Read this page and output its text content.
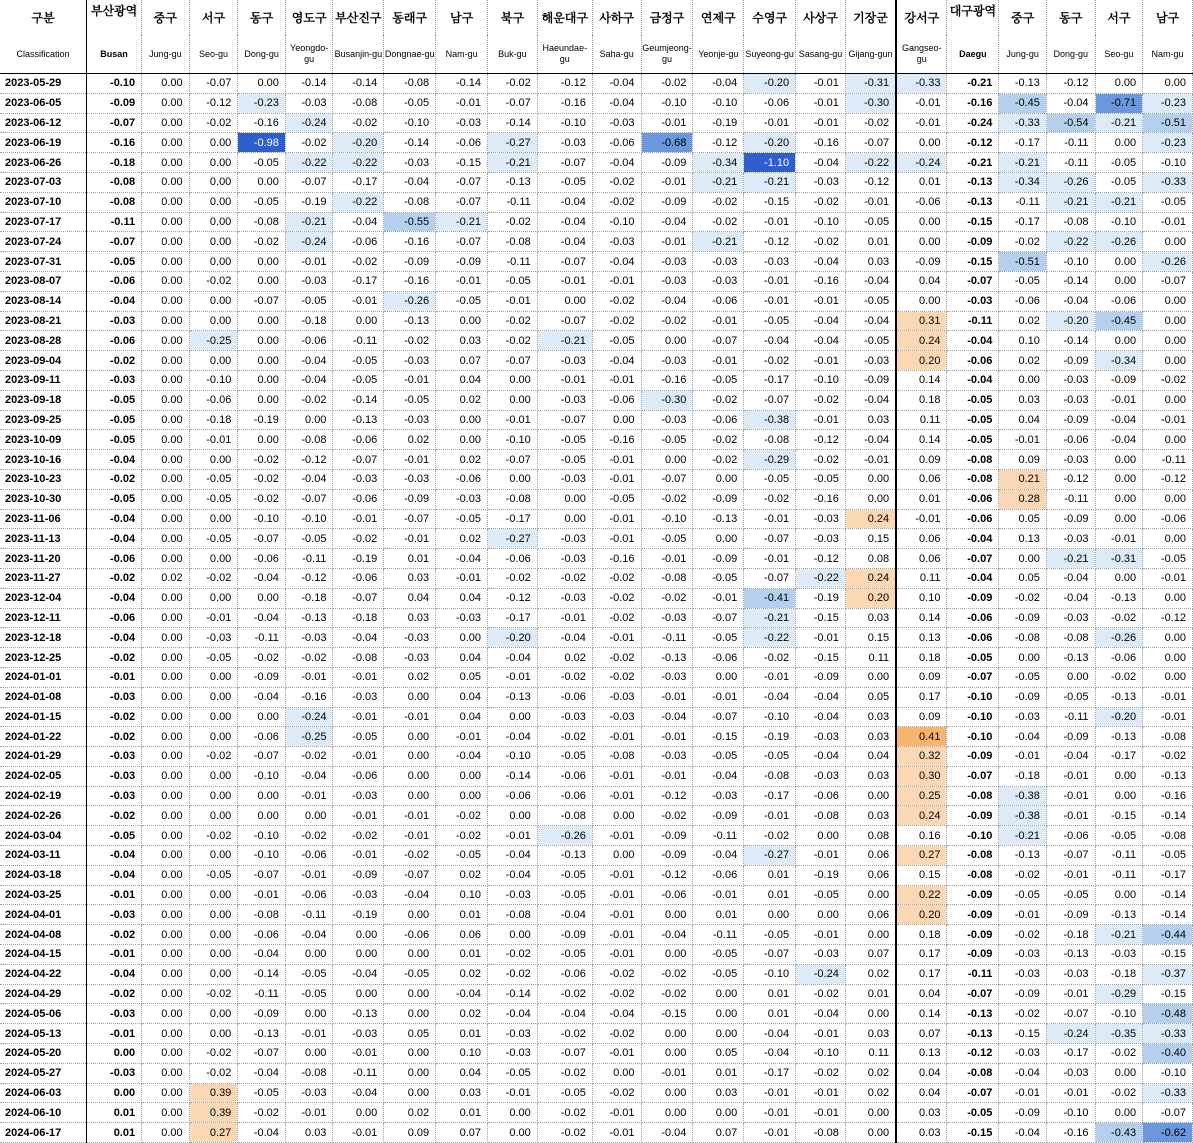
구분	부산광역	중구	서구	동구	영도구	부산진구	동래구	남구	북구	해운대구	사하구	금정구	연제구	수영구	사상구	기장군	강서구	대구광역	중구	동구	서구	남구
Classification	Busan	Jung-gu	Seo-gu	Dong-gu	Yeongdo-gu	Busanjin-gu	Dongnae-gu	Nam-gu	Buk-gu	Haeundae-gu	Saha-gu	Geumjeong-gu	Yeonje-gu	Suyeong-gu	Sasang-gu	Gijang-gun	Gangseo-gu	Daegu	Jung-gu	Dong-gu	Seo-gu	Nam-gu
2023-05-29	-0.10	0.00	-0.07	0.00	-0.14	-0.14	-0.08	-0.14	-0.02	-0.12	-0.04	-0.02	-0.04	-0.20	-0.01	-0.31	-0.33	-0.21	-0.13	-0.12	0.00	0.00
2023-06-05	-0.09	0.00	-0.12	-0.23	-0.03	-0.08	-0.05	-0.01	-0.07	-0.16	-0.04	-0.10	-0.10	-0.06	-0.01	-0.30	-0.01	-0.16	-0.45	-0.04	-0.71	-0.23
2023-06-12	-0.07	0.00	-0.02	-0.16	-0.24	-0.02	-0.10	-0.03	-0.14	-0.10	-0.03	-0.01	-0.19	-0.01	-0.01	-0.02	-0.01	-0.24	-0.33	-0.54	-0.21	-0.51
2023-06-19	-0.16	0.00	0.00	-0.98	-0.02	-0.20	-0.14	-0.06	-0.27	-0.03	-0.06	-0.68	-0.12	-0.20	-0.16	-0.07	0.00	-0.12	-0.17	-0.11	0.00	-0.23
2023-06-26	-0.18	0.00	0.00	-0.05	-0.22	-0.22	-0.03	-0.15	-0.21	-0.07	-0.04	-0.09	-0.34	-1.10	-0.04	-0.22	-0.24	-0.21	-0.21	-0.11	-0.05	-0.10
2023-07-03	-0.08	0.00	0.00	0.00	-0.07	-0.17	-0.04	-0.07	-0.13	-0.05	-0.02	-0.01	-0.21	-0.21	-0.03	-0.12	0.01	-0.13	-0.34	-0.26	-0.05	-0.33
2023-07-10	-0.08	0.00	0.00	-0.05	-0.19	-0.22	-0.08	-0.07	-0.11	-0.04	-0.02	-0.09	-0.02	-0.15	-0.02	-0.01	-0.06	-0.13	-0.11	-0.21	-0.21	-0.05
2023-07-17	-0.11	0.00	0.00	-0.08	-0.21	-0.04	-0.55	-0.21	-0.02	-0.04	-0.10	-0.04	-0.02	-0.01	-0.10	-0.05	0.00	-0.15	-0.17	-0.08	-0.10	-0.01
2023-07-24	-0.07	0.00	0.00	-0.02	-0.24	-0.06	-0.16	-0.07	-0.08	-0.04	-0.03	-0.01	-0.21	-0.12	-0.02	0.01	0.00	-0.09	-0.02	-0.22	-0.26	0.00
2023-07-31	-0.05	0.00	0.00	0.00	-0.01	-0.02	-0.09	-0.09	-0.11	-0.07	-0.04	-0.03	-0.03	-0.03	-0.04	0.03	-0.09	-0.15	-0.51	-0.10	0.00	-0.26
2023-08-07	-0.06	0.00	-0.02	0.00	-0.03	-0.17	-0.16	-0.01	-0.05	-0.01	-0.01	-0.03	-0.03	-0.01	-0.16	-0.04	0.04	-0.07	-0.05	-0.14	0.00	-0.07
2023-08-14	-0.04	0.00	0.00	-0.07	-0.05	-0.01	-0.26	-0.05	-0.01	0.00	-0.02	-0.04	-0.06	-0.01	-0.01	-0.05	0.00	-0.03	-0.06	-0.04	-0.06	0.00
2023-08-21	-0.03	0.00	0.00	0.00	-0.18	0.00	-0.13	0.00	-0.02	-0.07	-0.02	-0.02	-0.01	-0.05	-0.04	-0.04	0.31	-0.11	0.02	-0.20	-0.45	0.00
2023-08-28	-0.06	0.00	-0.25	0.00	-0.06	-0.11	-0.02	0.03	-0.02	-0.21	-0.05	0.00	-0.07	-0.04	-0.04	-0.05	0.24	-0.04	0.10	-0.14	0.00	0.00
2023-09-04	-0.02	0.00	0.00	0.00	-0.04	-0.05	-0.03	0.07	-0.07	-0.03	-0.04	-0.03	-0.01	-0.02	-0.01	-0.03	0.20	-0.06	0.02	-0.09	-0.34	0.00
2023-09-11	-0.03	0.00	-0.10	0.00	-0.04	-0.05	-0.01	0.04	0.00	-0.01	-0.01	-0.16	-0.05	-0.17	-0.10	-0.09	0.14	-0.04	0.00	-0.03	-0.09	-0.02
2023-09-18	-0.05	0.00	-0.06	0.00	-0.02	-0.14	-0.05	0.02	0.00	-0.03	-0.06	-0.30	-0.02	-0.07	-0.02	-0.04	0.18	-0.05	0.03	-0.03	-0.01	0.00
2023-09-25	-0.05	0.00	-0.18	-0.19	0.00	-0.13	-0.03	0.00	-0.01	-0.07	0.00	-0.03	-0.06	-0.38	-0.01	0.03	0.11	-0.05	0.04	-0.09	-0.04	-0.01
2023-10-09	-0.05	0.00	-0.01	0.00	-0.08	-0.06	0.02	0.00	-0.10	-0.05	-0.16	-0.05	-0.02	-0.08	-0.12	-0.04	0.14	-0.05	-0.01	-0.06	-0.04	0.00
2023-10-16	-0.04	0.00	0.00	-0.02	-0.12	-0.07	-0.01	0.02	-0.07	-0.05	-0.01	0.00	-0.02	-0.29	-0.02	-0.01	0.09	-0.08	0.09	-0.03	0.00	-0.11
2023-10-23	-0.02	0.00	-0.05	-0.02	-0.04	-0.03	-0.03	-0.06	0.00	-0.03	-0.01	-0.07	0.00	-0.05	-0.05	0.00	0.06	-0.08	0.21	-0.12	0.00	-0.12
2023-10-30	-0.05	0.00	-0.05	-0.02	-0.07	-0.06	-0.09	-0.03	-0.08	0.00	-0.05	-0.02	-0.09	-0.02	-0.16	0.00	0.01	-0.06	0.28	-0.11	0.00	0.00
2023-11-06	-0.04	0.00	0.00	-0.10	-0.10	-0.01	-0.07	-0.05	-0.17	0.00	-0.01	-0.10	-0.13	-0.01	-0.03	0.24	-0.01	-0.06	0.05	-0.09	0.00	-0.06
2023-11-13	-0.04	0.00	-0.05	-0.07	-0.05	-0.02	-0.01	0.02	-0.27	-0.03	-0.01	-0.05	0.00	-0.07	-0.03	0.15	0.06	-0.04	0.13	-0.03	-0.01	0.00
2023-11-20	-0.06	0.00	0.00	-0.06	-0.11	-0.19	0.01	-0.04	-0.06	-0.03	-0.16	-0.01	-0.09	-0.01	-0.12	0.08	0.06	-0.07	0.00	-0.21	-0.31	-0.05
2023-11-27	-0.02	0.02	-0.02	-0.04	-0.12	-0.06	0.03	-0.01	-0.02	-0.02	-0.02	-0.08	-0.05	-0.07	-0.22	0.24	0.11	-0.04	0.05	-0.04	0.00	-0.01
2023-12-04	-0.04	0.00	0.00	0.00	-0.18	-0.07	0.04	0.04	-0.12	-0.03	-0.02	-0.02	-0.01	-0.41	-0.19	0.20	0.10	-0.09	-0.02	-0.04	-0.13	0.00
2023-12-11	-0.06	0.00	-0.01	-0.04	-0.13	-0.18	0.03	-0.03	-0.17	-0.01	-0.02	-0.03	-0.07	-0.21	-0.15	0.03	0.14	-0.06	-0.09	-0.03	-0.02	-0.12
2023-12-18	-0.04	0.00	-0.03	-0.11	-0.03	-0.04	-0.03	0.00	-0.20	-0.04	-0.01	-0.11	-0.05	-0.22	-0.01	0.15	0.13	-0.06	-0.08	-0.08	-0.26	0.00
2023-12-25	-0.02	0.00	-0.05	-0.02	-0.02	-0.08	-0.03	0.04	-0.04	0.02	-0.02	-0.13	-0.06	-0.02	-0.15	0.11	0.18	-0.05	0.00	-0.13	-0.06	0.00
2024-01-01	-0.01	0.00	0.00	-0.09	-0.01	-0.01	0.02	0.05	-0.01	-0.02	-0.02	-0.03	0.00	-0.01	-0.09	0.00	0.09	-0.07	-0.05	0.00	-0.02	0.00
2024-01-08	-0.03	0.00	0.00	-0.04	-0.16	-0.03	0.00	0.04	-0.13	-0.06	-0.03	-0.01	-0.01	-0.04	-0.04	0.05	0.17	-0.10	-0.09	-0.05	-0.13	-0.01
2024-01-15	-0.02	0.00	0.00	0.00	-0.24	-0.01	-0.01	0.04	0.00	-0.03	-0.03	-0.04	-0.07	-0.10	-0.04	0.03	0.09	-0.10	-0.03	-0.11	-0.20	-0.01
2024-01-22	-0.02	0.00	0.00	-0.06	-0.25	-0.05	0.00	-0.01	-0.04	-0.02	-0.01	-0.01	-0.15	-0.19	-0.03	0.03	0.41	-0.10	-0.04	-0.09	-0.13	-0.08
2024-01-29	-0.03	0.00	-0.02	-0.07	-0.02	-0.01	0.00	-0.04	-0.10	-0.05	-0.08	-0.03	-0.05	-0.05	-0.04	0.04	0.32	-0.09	-0.01	-0.04	-0.17	-0.02
2024-02-05	-0.03	0.00	0.00	-0.10	-0.04	-0.06	0.00	0.00	-0.14	-0.06	-0.01	-0.01	-0.04	-0.08	-0.03	0.03	0.30	-0.07	-0.18	-0.01	0.00	-0.13
2024-02-19	-0.03	0.00	0.00	0.00	-0.01	-0.03	0.00	0.00	-0.06	-0.06	-0.01	-0.12	-0.03	-0.17	-0.06	0.00	0.25	-0.08	-0.38	-0.01	0.00	-0.16
2024-02-26	-0.02	0.00	0.00	0.00	0.00	-0.01	-0.01	-0.02	0.00	-0.08	0.00	-0.02	-0.09	-0.01	-0.08	0.03	0.24	-0.09	-0.38	-0.01	-0.15	-0.14
2024-03-04	-0.05	0.00	-0.02	-0.10	-0.02	-0.02	-0.01	-0.02	-0.01	-0.26	-0.01	-0.09	-0.11	-0.02	0.00	0.08	0.16	-0.10	-0.21	-0.06	-0.05	-0.08
2024-03-11	-0.04	0.00	0.00	-0.10	-0.06	-0.01	-0.02	-0.05	-0.04	-0.13	0.00	-0.09	-0.04	-0.27	-0.01	0.06	0.27	-0.08	-0.13	-0.07	-0.11	-0.05
2024-03-18	-0.04	0.00	-0.05	-0.07	-0.01	-0.09	-0.07	0.02	-0.04	-0.05	-0.01	-0.12	-0.06	0.01	-0.19	0.06	0.15	-0.08	-0.02	-0.01	-0.11	-0.17
2024-03-25	-0.01	0.00	0.00	-0.01	-0.06	-0.03	-0.04	0.10	-0.03	-0.05	-0.01	-0.06	-0.01	0.01	-0.05	0.00	0.22	-0.09	-0.05	-0.05	0.00	-0.14
2024-04-01	-0.03	0.00	0.00	-0.08	-0.11	-0.19	0.00	0.01	-0.08	-0.04	-0.01	0.00	0.01	0.00	0.00	0.06	0.20	-0.09	-0.01	-0.09	-0.13	-0.14
2024-04-08	-0.02	0.00	0.00	-0.06	-0.04	0.00	-0.06	0.06	0.00	-0.09	-0.01	-0.04	-0.11	-0.05	-0.01	0.00	0.18	-0.09	-0.02	-0.18	-0.21	-0.44
2024-04-15	-0.01	0.00	0.00	-0.04	0.00	0.00	0.00	0.01	-0.02	-0.05	-0.01	0.00	-0.05	-0.07	-0.03	0.07	0.17	-0.09	-0.03	-0.13	-0.03	-0.15
2024-04-22	-0.04	0.00	0.00	-0.14	-0.05	-0.04	-0.05	0.02	-0.02	-0.06	-0.02	-0.02	-0.05	-0.10	-0.24	0.02	0.17	-0.11	-0.03	-0.03	-0.18	-0.37
2024-04-29	-0.02	0.00	-0.02	-0.11	-0.05	0.00	0.00	-0.04	-0.14	-0.02	-0.02	-0.02	0.00	0.01	-0.02	0.01	0.04	-0.07	-0.09	-0.01	-0.29	-0.15
2024-05-06	-0.03	0.00	0.00	-0.09	0.00	-0.13	0.00	0.02	-0.04	-0.04	-0.04	-0.15	0.00	0.01	-0.04	0.00	0.14	-0.13	-0.02	-0.07	-0.10	-0.48
2024-05-13	-0.01	0.00	0.00	-0.13	-0.01	-0.03	0.05	0.01	-0.03	-0.02	-0.02	0.00	0.00	-0.04	-0.01	0.03	0.07	-0.13	-0.15	-0.24	-0.35	-0.33
2024-05-20	0.00	0.00	-0.02	-0.07	0.00	-0.01	0.00	0.10	-0.03	-0.07	-0.01	0.00	0.05	-0.04	-0.10	0.11	0.13	-0.12	-0.03	-0.17	-0.02	-0.40
2024-05-27	-0.03	0.00	-0.02	-0.04	-0.08	-0.11	0.00	0.04	-0.05	-0.02	0.00	-0.01	0.01	-0.17	-0.02	0.02	0.04	-0.08	-0.04	-0.03	0.00	-0.10
2024-06-03	0.00	0.00	0.39	-0.05	-0.03	-0.04	0.00	0.03	-0.01	-0.05	-0.02	0.00	0.03	-0.01	-0.01	0.02	0.04	-0.07	-0.01	-0.01	-0.02	-0.33
2024-06-10	0.01	0.00	0.39	-0.02	-0.01	0.00	0.02	0.01	0.00	-0.02	-0.01	0.00	0.00	-0.01	-0.01	0.00	0.03	-0.05	-0.09	-0.10	0.00	-0.07
2024-06-17	0.01	0.00	0.27	-0.04	0.03	-0.01	0.09	0.07	0.00	-0.02	-0.01	-0.04	0.07	-0.01	-0.08	0.00	0.03	-0.15	-0.04	-0.16	-0.43	-0.62
